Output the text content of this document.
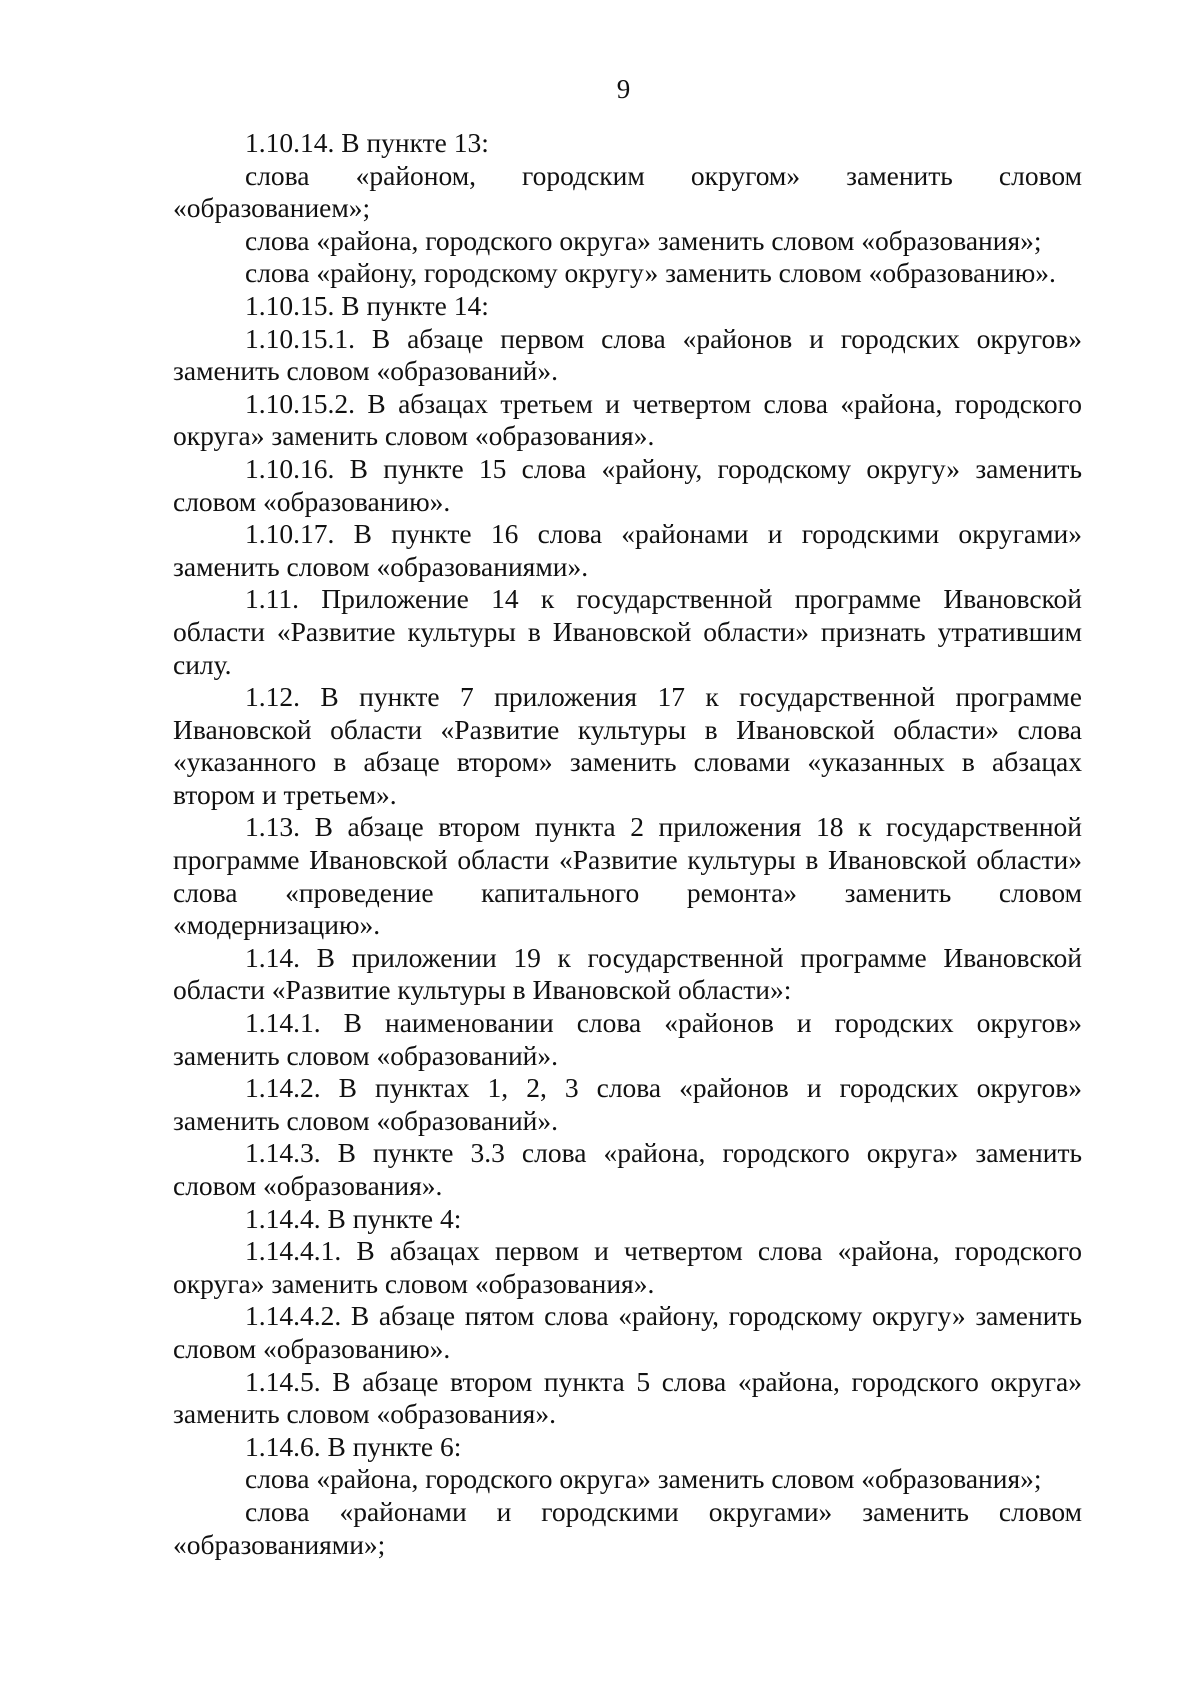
9

1.10.14. В пункте 13:

слова «районом, городским округом» заменить словом «образованием»;

слова «района, городского округа» заменить словом «образования»;

слова «району, городскому округу» заменить словом «образованию».

1.10.15. В пункте 14:

1.10.15.1. В абзаце первом слова «районов и городских округов» заменить словом «образований».

1.10.15.2. В абзацах третьем и четвертом слова «района, городского округа» заменить словом «образования».

1.10.16. В пункте 15 слова «району, городскому округу» заменить словом «образованию».

1.10.17. В пункте 16 слова «районами и городскими округами» заменить словом «образованиями».

1.11. Приложение 14 к государственной программе Ивановской области «Развитие культуры в Ивановской области» признать утратившим силу.

1.12. В пункте 7 приложения 17 к государственной программе Ивановской области «Развитие культуры в Ивановской области» слова «указанного в абзаце втором» заменить словами «указанных в абзацах втором и третьем».

1.13. В абзаце втором пункта 2 приложения 18 к государственной программе Ивановской области «Развитие культуры в Ивановской области» слова «проведение капитального ремонта» заменить словом «модернизацию».

1.14. В приложении 19 к государственной программе Ивановской области «Развитие культуры в Ивановской области»:

1.14.1. В наименовании слова «районов и городских округов» заменить словом «образований».

1.14.2. В пунктах 1, 2, 3 слова «районов и городских округов» заменить словом «образований».

1.14.3. В пункте 3.3 слова «района, городского округа» заменить словом «образования».

1.14.4. В пункте 4:

1.14.4.1. В абзацах первом и четвертом слова «района, городского округа» заменить словом «образования».

1.14.4.2. В абзаце пятом слова «району, городскому округу» заменить словом «образованию».

1.14.5. В абзаце втором пункта 5 слова «района, городского округа» заменить словом «образования».

1.14.6. В пункте 6:

слова «района, городского округа» заменить словом «образования»;

слова «районами и городскими округами» заменить словом «образованиями»;
